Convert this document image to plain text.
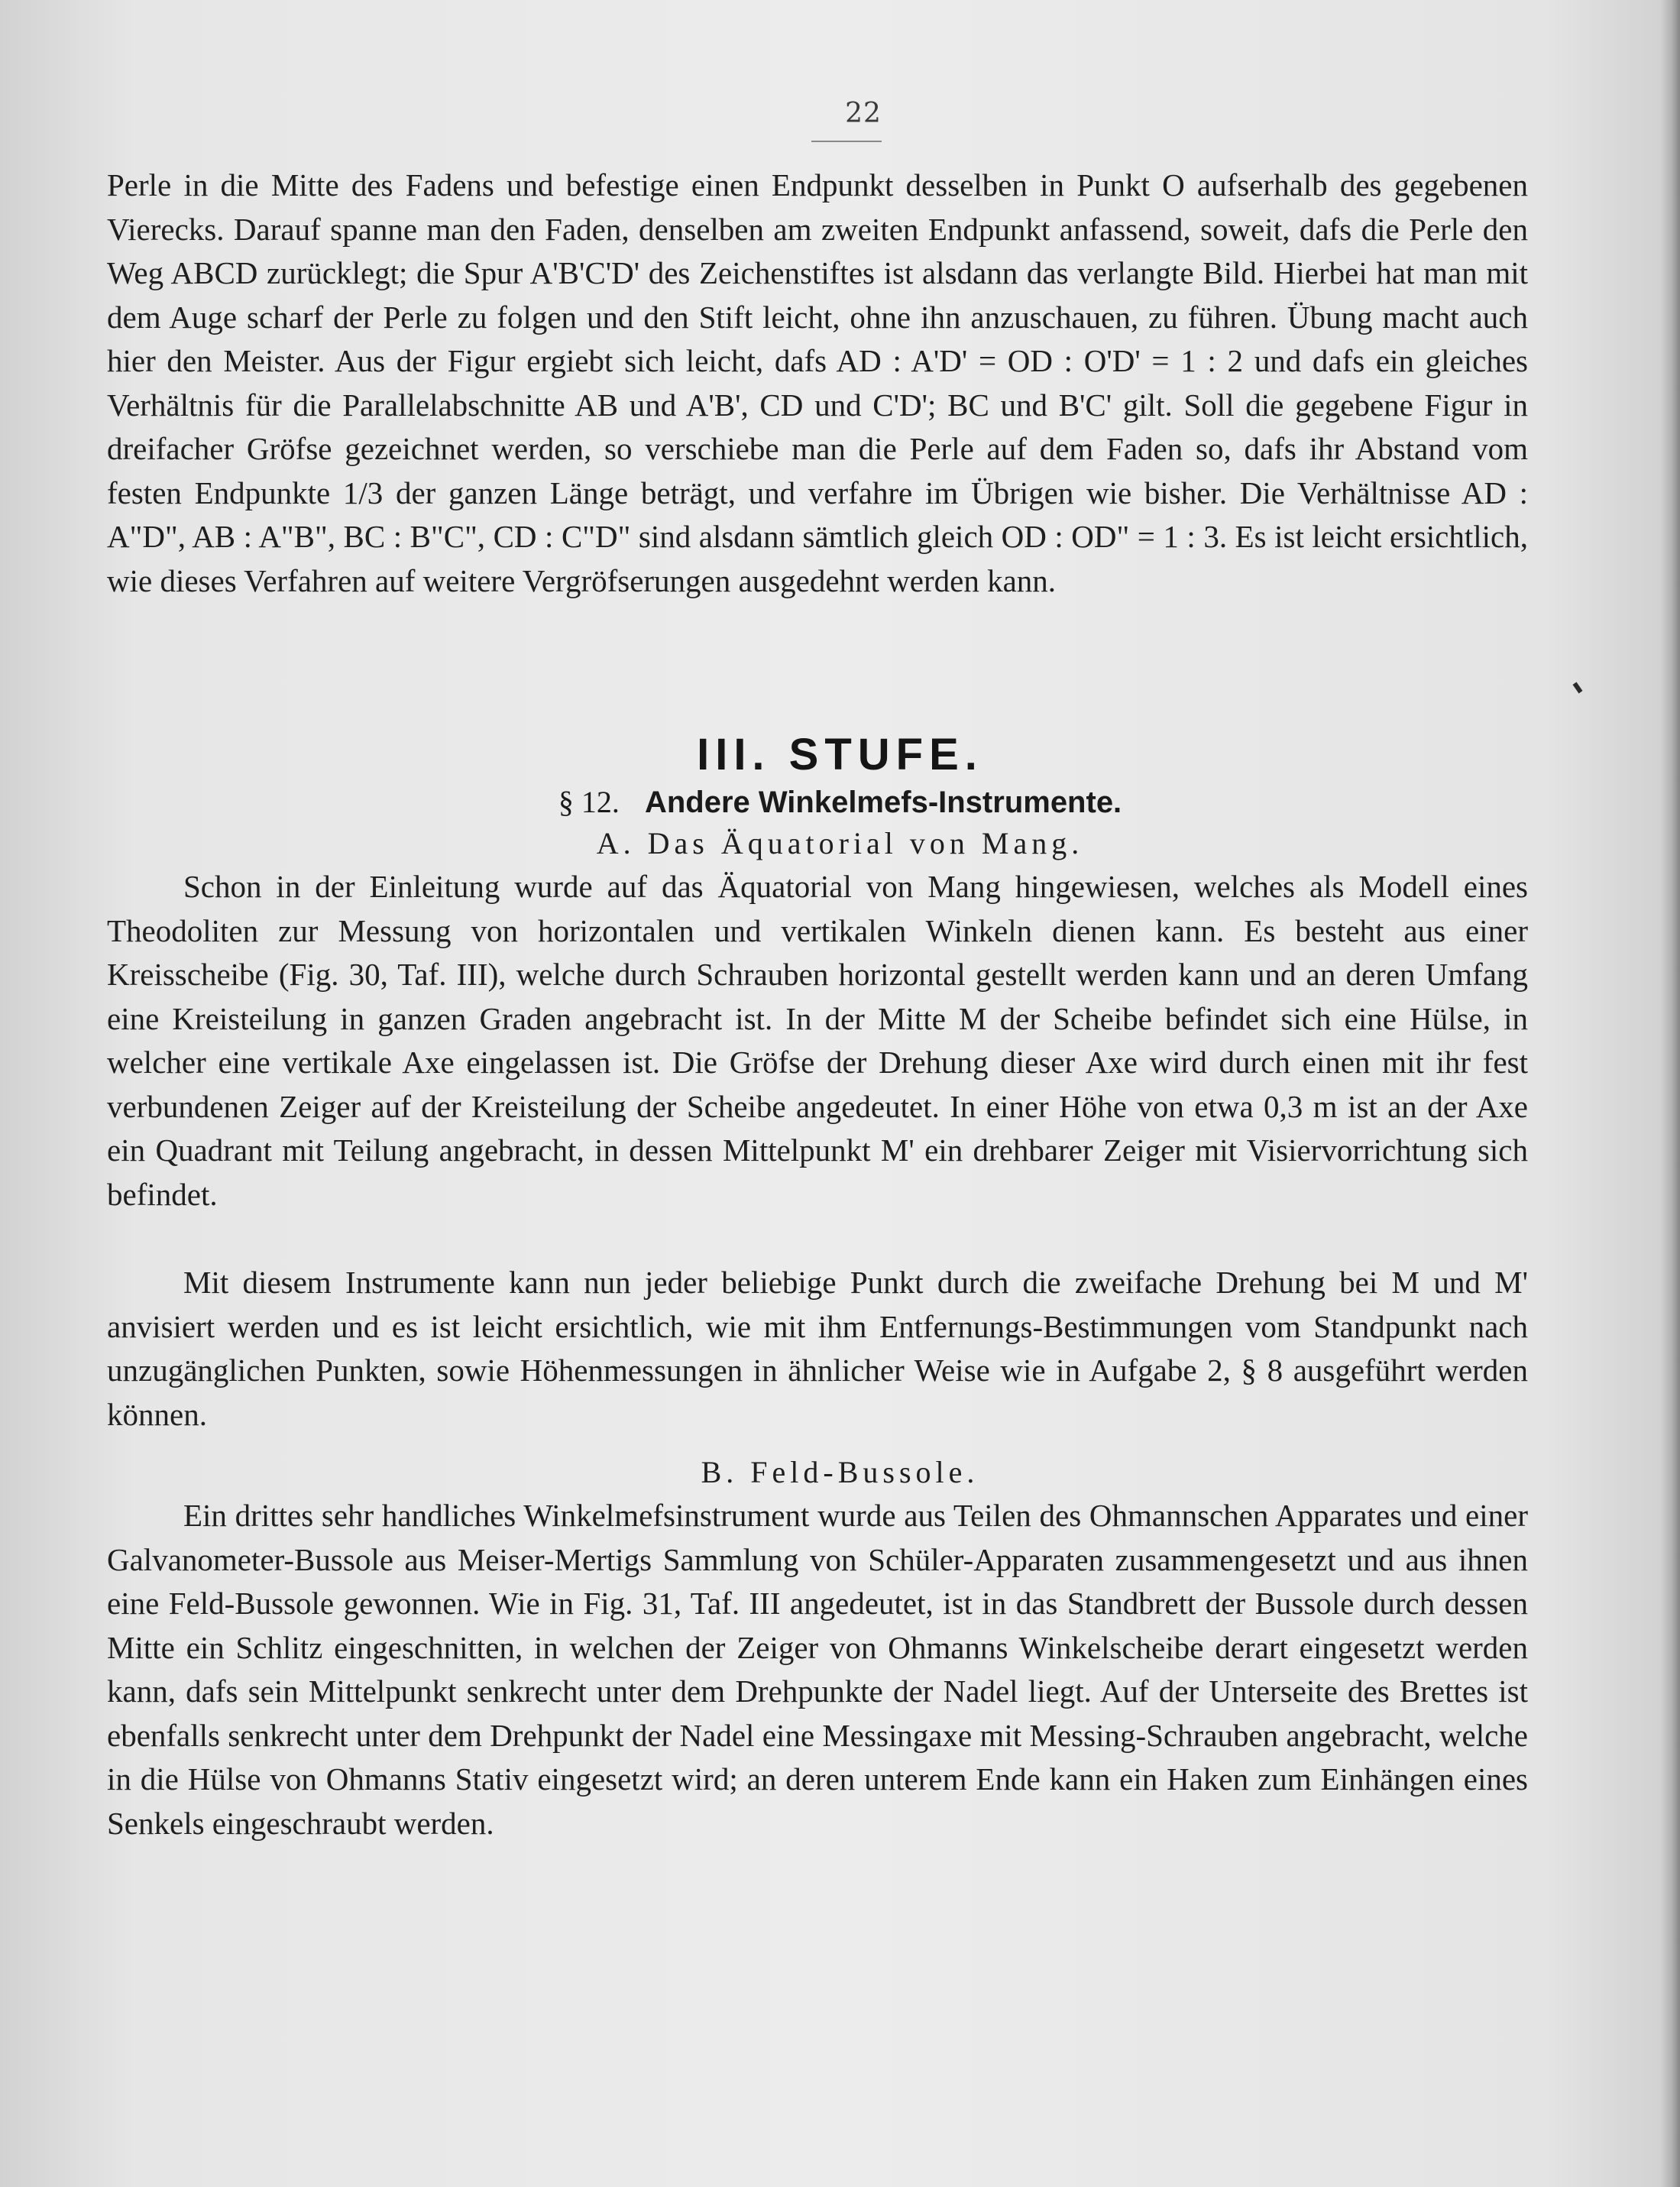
22
Perle in die Mitte des Fadens und befestige einen Endpunkt desselben in Punkt O aufserhalb des gegebenen Vierecks. Darauf spanne man den Faden, denselben am zweiten Endpunkt anfassend, soweit, dafs die Perle den Weg ABCD zurücklegt; die Spur A'B'C'D' des Zeichenstiftes ist alsdann das verlangte Bild. Hierbei hat man mit dem Auge scharf der Perle zu folgen und den Stift leicht, ohne ihn anzuschauen, zu führen. Übung macht auch hier den Meister. Aus der Figur ergiebt sich leicht, dafs AD : A'D' = OD : O'D' = 1 : 2 und dafs ein gleiches Verhältnis für die Parallelabschnitte AB und A'B', CD und C'D'; BC und B'C' gilt. Soll die gegebene Figur in dreifacher Gröfse gezeichnet werden, so verschiebe man die Perle auf dem Faden so, dafs ihr Abstand vom festen Endpunkte 1/3 der ganzen Länge beträgt, und verfahre im Übrigen wie bisher. Die Verhältnisse AD : A"D", AB : A"B", BC : B"C", CD : C"D" sind alsdann sämtlich gleich OD : OD" = 1 : 3. Es ist leicht ersichtlich, wie dieses Verfahren auf weitere Vergröfserungen ausgedehnt werden kann.
III. STUFE.
§ 12. Andere Winkelmefs-Instrumente.
A. Das Äquatorial von Mang.
Schon in der Einleitung wurde auf das Äquatorial von Mang hingewiesen, welches als Modell eines Theodoliten zur Messung von horizontalen und vertikalen Winkeln dienen kann. Es besteht aus einer Kreisscheibe (Fig. 30, Taf. III), welche durch Schrauben horizontal gestellt werden kann und an deren Umfang eine Kreisteilung in ganzen Graden angebracht ist. In der Mitte M der Scheibe befindet sich eine Hülse, in welcher eine vertikale Axe eingelassen ist. Die Gröfse der Drehung dieser Axe wird durch einen mit ihr fest verbundenen Zeiger auf der Kreisteilung der Scheibe angedeutet. In einer Höhe von etwa 0,3 m ist an der Axe ein Quadrant mit Teilung angebracht, in dessen Mittelpunkt M' ein drehbarer Zeiger mit Visiervorrichtung sich befindet.
Mit diesem Instrumente kann nun jeder beliebige Punkt durch die zweifache Drehung bei M und M' anvisiert werden und es ist leicht ersichtlich, wie mit ihm Entfernungs-Bestimmungen vom Standpunkt nach unzugänglichen Punkten, sowie Höhenmessungen in ähnlicher Weise wie in Aufgabe 2, § 8 ausgeführt werden können.
B. Feld-Bussole.
Ein drittes sehr handliches Winkelmefsinstrument wurde aus Teilen des Ohmannschen Apparates und einer Galvanometer-Bussole aus Meiser-Mertigs Sammlung von Schüler-Apparaten zusammengesetzt und aus ihnen eine Feld-Bussole gewonnen. Wie in Fig. 31, Taf. III angedeutet, ist in das Standbrett der Bussole durch dessen Mitte ein Schlitz eingeschnitten, in welchen der Zeiger von Ohmanns Winkelscheibe derart eingesetzt werden kann, dafs sein Mittelpunkt senkrecht unter dem Drehpunkte der Nadel liegt. Auf der Unterseite des Brettes ist ebenfalls senkrecht unter dem Drehpunkt der Nadel eine Messingaxe mit Messing-Schrauben angebracht, welche in die Hülse von Ohmanns Stativ eingesetzt wird; an deren unterem Ende kann ein Haken zum Einhängen eines Senkels eingeschraubt werden.
